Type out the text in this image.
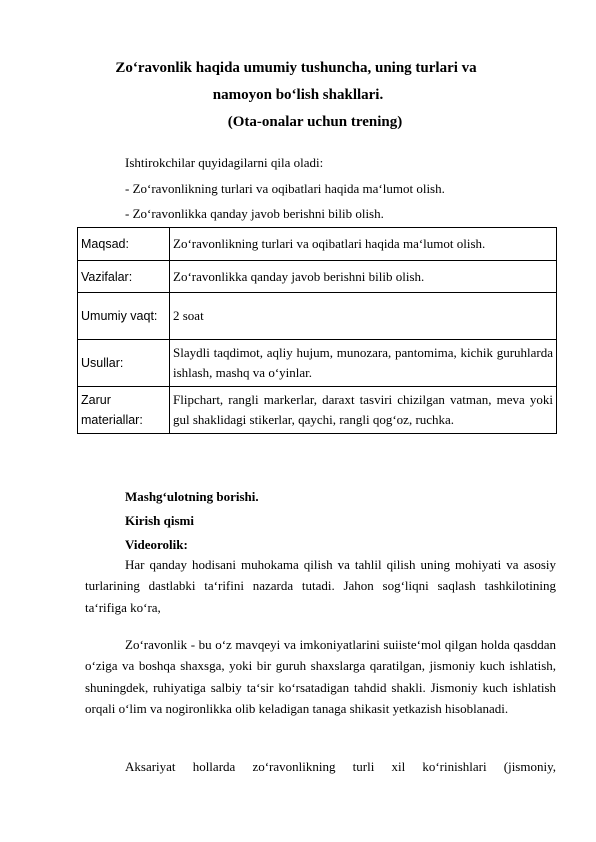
Zo‘ravonlik haqida umumiy tushuncha, uning turlari va
namoyon bo‘lish shakllari.
(Ota-onalar uchun trening)

Ishtirokchilar quyidagilarni qila oladi:

- Zo‘ravonlikning turlari va oqibatlari haqida ma‘lumot olish.

- Zo‘ravonlikka qanday javob berishni bilib olish.

Maqsad:	Zo‘ravonlikning turlari va oqibatlari haqida ma‘lumot olish.
Vazifalar:	Zo‘ravonlikka qanday javob berishni bilib olish.
Umumiy vaqt:	2 soat
Usullar:	Slaydli taqdimot, aqliy hujum, munozara, pantomima, kichik guruhlarda ishlash, mashq va o‘yinlar.
Zarur materiallar:	Flipchart, rangli markerlar, daraxt tasviri chizilgan vatman, meva yoki gul shaklidagi stikerlar, qaychi, rangli qog‘oz, ruchka.

Mashg‘ulotning borishi.

Kirish qismi

Videorolik:

Har qanday hodisani muhokama qilish va tahlil qilish uning mohiyati va asosiy turlarining dastlabki ta‘rifini nazarda tutadi. Jahon sog‘liqni saqlash tashkilotining ta‘rifiga ko‘ra,

Zo‘ravonlik - bu o‘z mavqeyi va imkoniyatlarini suiiste‘mol qilgan holda qasddan o‘ziga va boshqa shaxsga, yoki bir guruh shaxslarga qaratilgan, jismoniy kuch ishlatish, shuningdek, ruhiyatiga salbiy ta‘sir ko‘rsatadigan tahdid shakli. Jismoniy kuch ishlatish orqali o‘lim va nogironlikka olib keladigan tanaga shikasit yetkazish hisoblanadi.

Aksariyat hollarda zo‘ravonlikning turli xil ko‘rinishlari (jismoniy,
